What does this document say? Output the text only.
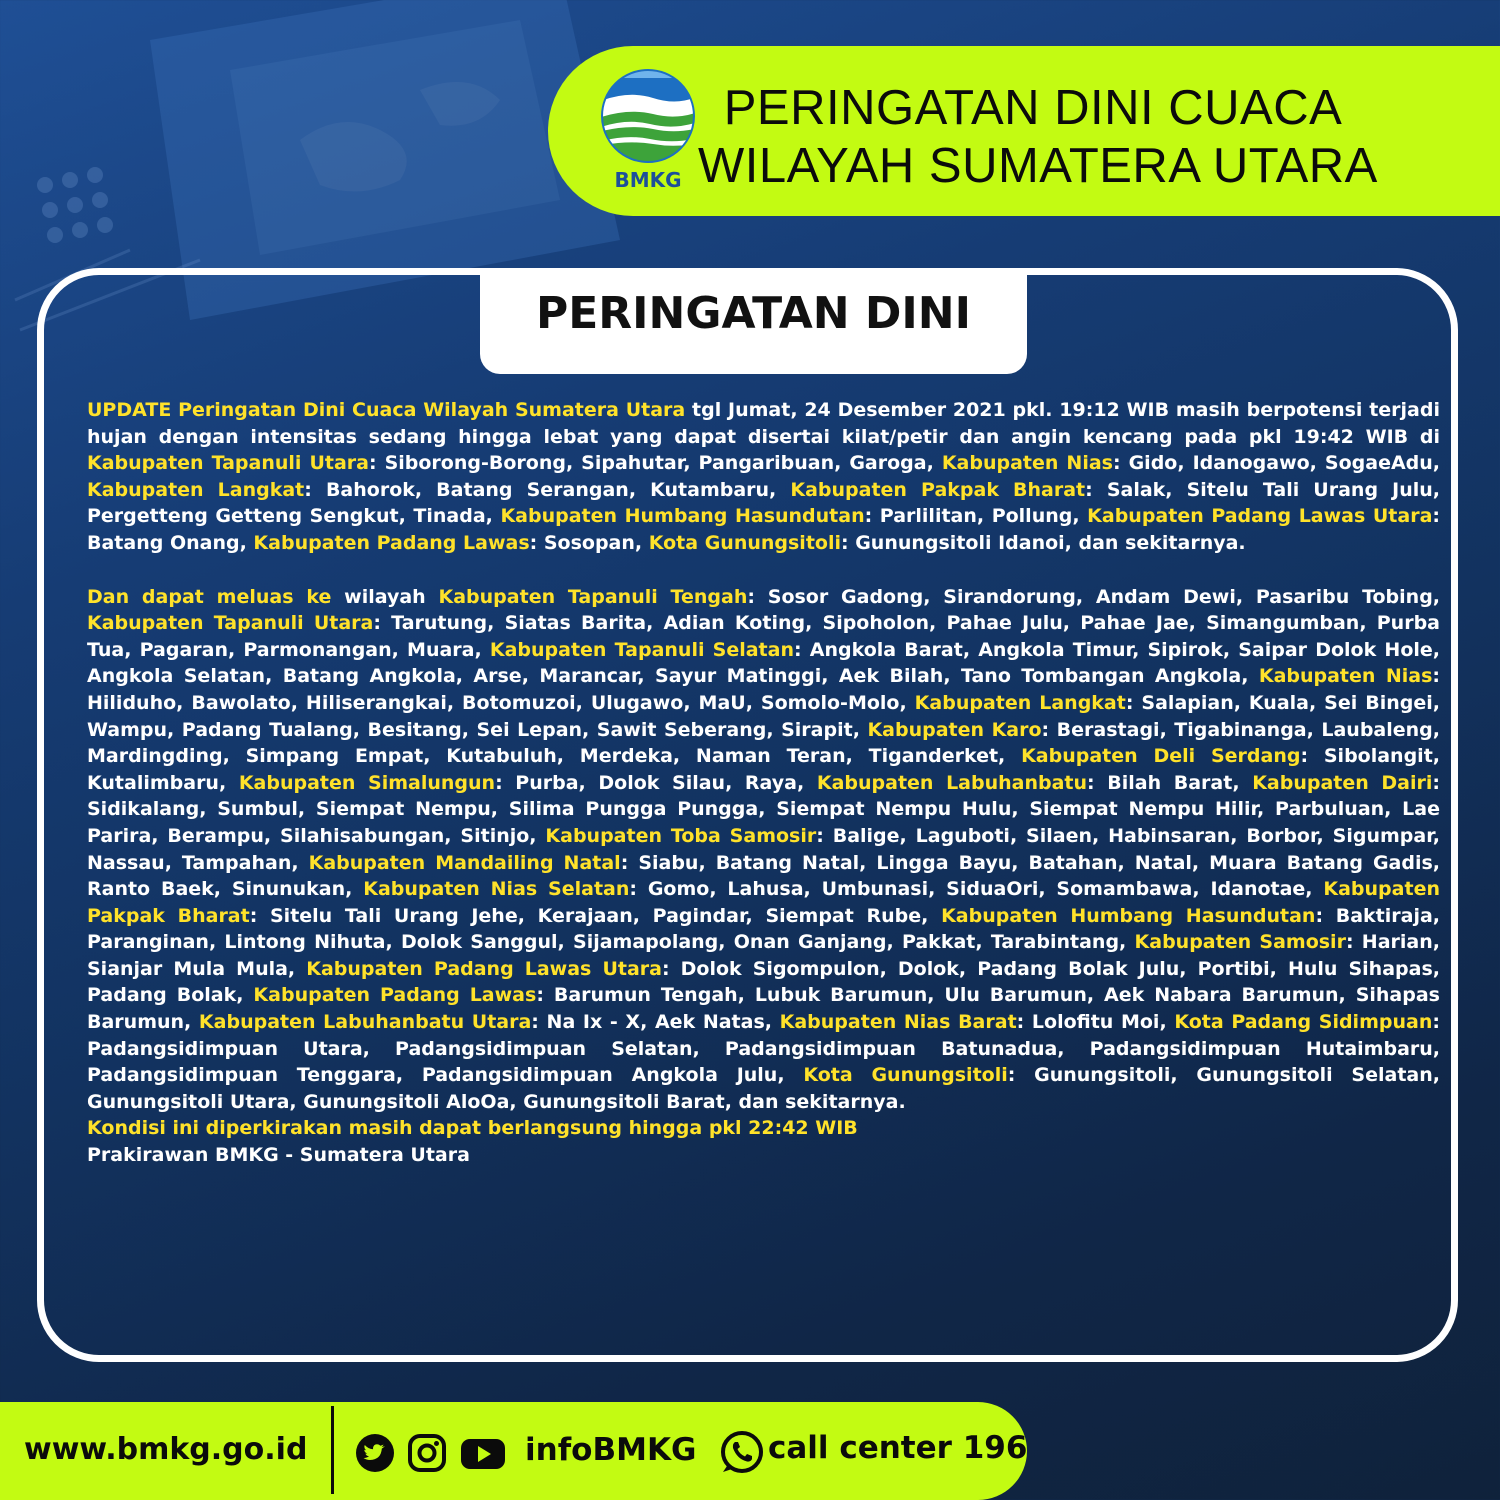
BMKG
PERINGATAN DINI CUACA
WILAYAH SUMATERA UTARA
PERINGATAN DINI

UPDATE Peringatan Dini Cuaca Wilayah Sumatera Utara tgl Jumat, 24 Desember 2021 pkl. 19:12 WIB masih berpotensi terjadi hujan dengan intensitas sedang hingga lebat yang dapat disertai kilat/petir dan angin kencang pada pkl 19:42 WIB di Kabupaten Tapanuli Utara: Siborong-Borong, Sipahutar, Pangaribuan, Garoga, Kabupaten Nias: Gido, Idanogawo, SogaeAdu, Kabupaten Langkat: Bahorok, Batang Serangan, Kutambaru, Kabupaten Pakpak Bharat: Salak, Sitelu Tali Urang Julu, Pergetteng Getteng Sengkut, Tinada, Kabupaten Humbang Hasundutan: Parlilitan, Pollung, Kabupaten Padang Lawas Utara: Batang Onang, Kabupaten Padang Lawas: Sosopan, Kota Gunungsitoli: Gunungsitoli Idanoi, dan sekitarnya.

Dan dapat meluas ke wilayah Kabupaten Tapanuli Tengah: Sosor Gadong, Sirandorung, Andam Dewi, Pasaribu Tobing, Kabupaten Tapanuli Utara: Tarutung, Siatas Barita, Adian Koting, Sipoholon, Pahae Julu, Pahae Jae, Simangumban, Purba Tua, Pagaran, Parmonangan, Muara, Kabupaten Tapanuli Selatan: Angkola Barat, Angkola Timur, Sipirok, Saipar Dolok Hole, Angkola Selatan, Batang Angkola, Arse, Marancar, Sayur Matinggi, Aek Bilah, Tano Tombangan Angkola, Kabupaten Nias: Hiliduho, Bawolato, Hiliserangkai, Botomuzoi, Ulugawo, MaU, Somolo-Molo, Kabupaten Langkat: Salapian, Kuala, Sei Bingei, Wampu, Padang Tualang, Besitang, Sei Lepan, Sawit Seberang, Sirapit, Kabupaten Karo: Berastagi, Tigabinanga, Laubaleng, Mardingding, Simpang Empat, Kutabuluh, Merdeka, Naman Teran, Tiganderket, Kabupaten Deli Serdang: Sibolangit, Kutalimbaru, Kabupaten Simalungun: Purba, Dolok Silau, Raya, Kabupaten Labuhanbatu: Bilah Barat, Kabupaten Dairi: Sidikalang, Sumbul, Siempat Nempu, Silima Pungga Pungga, Siempat Nempu Hulu, Siempat Nempu Hilir, Parbuluan, Lae Parira, Berampu, Silahisabungan, Sitinjo, Kabupaten Toba Samosir: Balige, Laguboti, Silaen, Habinsaran, Borbor, Sigumpar, Nassau, Tampahan, Kabupaten Mandailing Natal: Siabu, Batang Natal, Lingga Bayu, Batahan, Natal, Muara Batang Gadis, Ranto Baek, Sinunukan, Kabupaten Nias Selatan: Gomo, Lahusa, Umbunasi, SiduaOri, Somambawa, Idanotae, Kabupaten Pakpak Bharat: Sitelu Tali Urang Jehe, Kerajaan, Pagindar, Siempat Rube, Kabupaten Humbang Hasundutan: Baktiraja, Paranginan, Lintong Nihuta, Dolok Sanggul, Sijamapolang, Onan Ganjang, Pakkat, Tarabintang, Kabupaten Samosir: Harian, Sianjar Mula Mula, Kabupaten Padang Lawas Utara: Dolok Sigompulon, Dolok, Padang Bolak Julu, Portibi, Hulu Sihapas, Padang Bolak, Kabupaten Padang Lawas: Barumun Tengah, Lubuk Barumun, Ulu Barumun, Aek Nabara Barumun, Sihapas Barumun, Kabupaten Labuhanbatu Utara: Na Ix - X, Aek Natas, Kabupaten Nias Barat: Lolofitu Moi, Kota Padang Sidimpuan: Padangsidimpuan Utara, Padangsidimpuan Selatan, Padangsidimpuan Batunadua, Padangsidimpuan Hutaimbaru, Padangsidimpuan Tenggara, Padangsidimpuan Angkola Julu, Kota Gunungsitoli: Gunungsitoli, Gunungsitoli Selatan, Gunungsitoli Utara, Gunungsitoli AloOa, Gunungsitoli Barat, dan sekitarnya.

Kondisi ini diperkirakan masih dapat berlangsung hingga pkl 22:42 WIB

Prakirawan BMKG - Sumatera Utara

www.bmkg.go.id	infoBMKG call center 196
